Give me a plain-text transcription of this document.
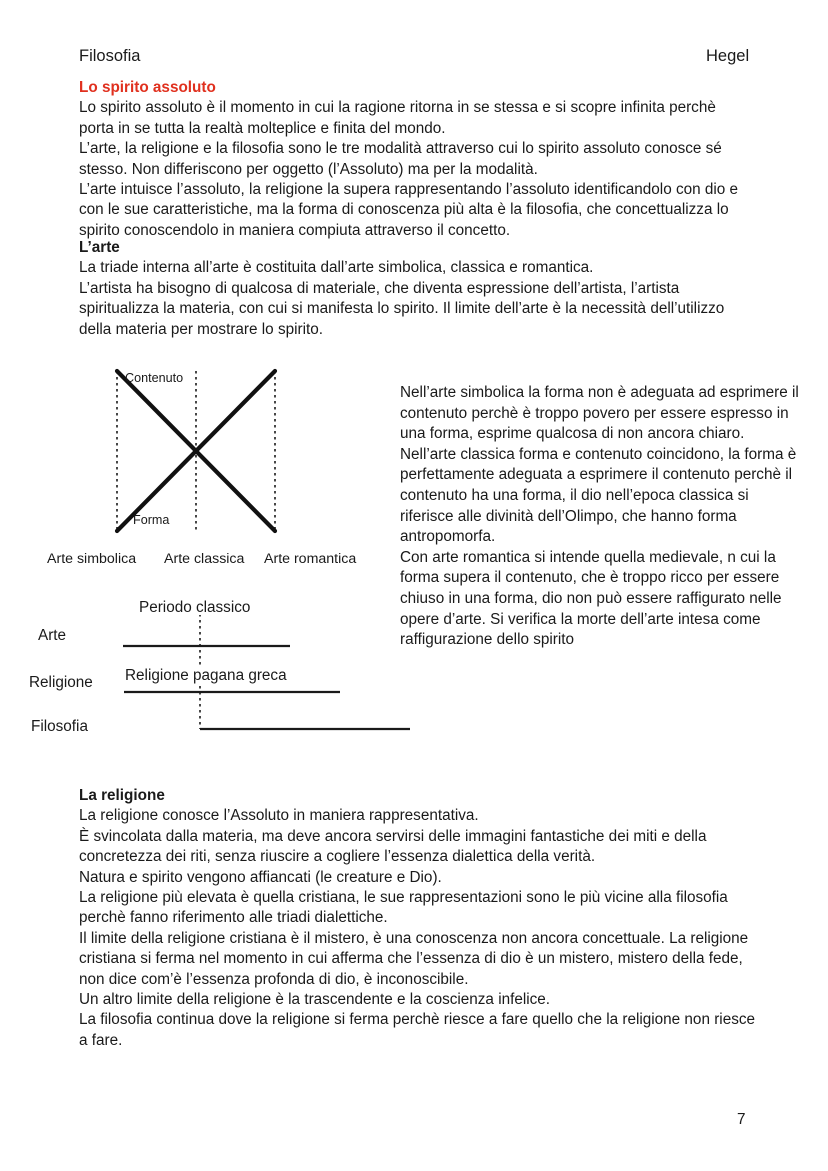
Filosofia	Hegel

Lo spirito assoluto

Lo spirito assoluto è il momento in cui la ragione ritorna in se stessa e si scopre infinita perchè porta in se tutta la realtà molteplice e finita del mondo.

L’arte, la religione e la filosofia sono le tre modalità attraverso cui lo spirito assoluto conosce sé stesso. Non differiscono per oggetto (l’Assoluto) ma per la modalità.

L’arte intuisce l’assoluto, la religione la supera rappresentando l’assoluto identificandolo con dio e con le sue caratteristiche, ma la forma di conoscenza più alta è la filosofia, che concettualizza lo spirito conoscendolo in maniera compiuta attraverso il concetto.

L’arte

La triade interna all’arte è costituita dall’arte simbolica, classica e romantica.

L’artista ha bisogno di qualcosa di materiale, che diventa espressione dell’artista, l’artista spiritualizza la materia, con cui si manifesta lo spirito. Il limite dell’arte è la necessità dell’utilizzo della materia per mostrare lo spirito.

Contenuto
Forma
Arte simbolica Arte classica Arte romantica

Nell’arte simbolica la forma non è adeguata ad esprimere il contenuto perchè è troppo povero per essere espresso in una forma, esprime qualcosa di non ancora chiaro.

Nell’arte classica forma e contenuto coincidono, la forma è perfettamente adeguata a esprimere il contenuto perchè il contenuto ha una forma, il dio nell’epoca classica si riferisce alle divinità dell’Olimpo, che hanno forma antropomorfa.

Con arte romantica si intende quella medievale, n cui la forma supera il contenuto, che è troppo ricco per essere chiuso in una forma, dio non può essere raffigurato nelle opere d’arte. Si verifica la morte dell’arte intesa come raffigurazione dello spirito

Arte
Religione
Filosofia
Periodo classico
Religione pagana greca

La religione

La religione conosce l’Assoluto in maniera rappresentativa.

È svincolata dalla materia, ma deve ancora servirsi delle immagini fantastiche dei miti e della concretezza dei riti, senza riuscire a cogliere l’essenza dialettica della verità.

Natura e spirito vengono affiancati (le creature e Dio).

La religione più elevata è quella cristiana, le sue rappresentazioni sono le più vicine alla filosofia perchè fanno riferimento alle triadi dialettiche.

Il limite della religione cristiana è il mistero, è una conoscenza non ancora concettuale. La religione cristiana si ferma nel momento in cui afferma che l’essenza di dio è un mistero, mistero della fede, non dice com’è l’essenza profonda di dio, è inconoscibile.

Un altro limite della religione è la trascendente e la coscienza infelice.

La filosofia continua dove la religione si ferma perchè riesce a fare quello che la religione non riesce a fare.

7
